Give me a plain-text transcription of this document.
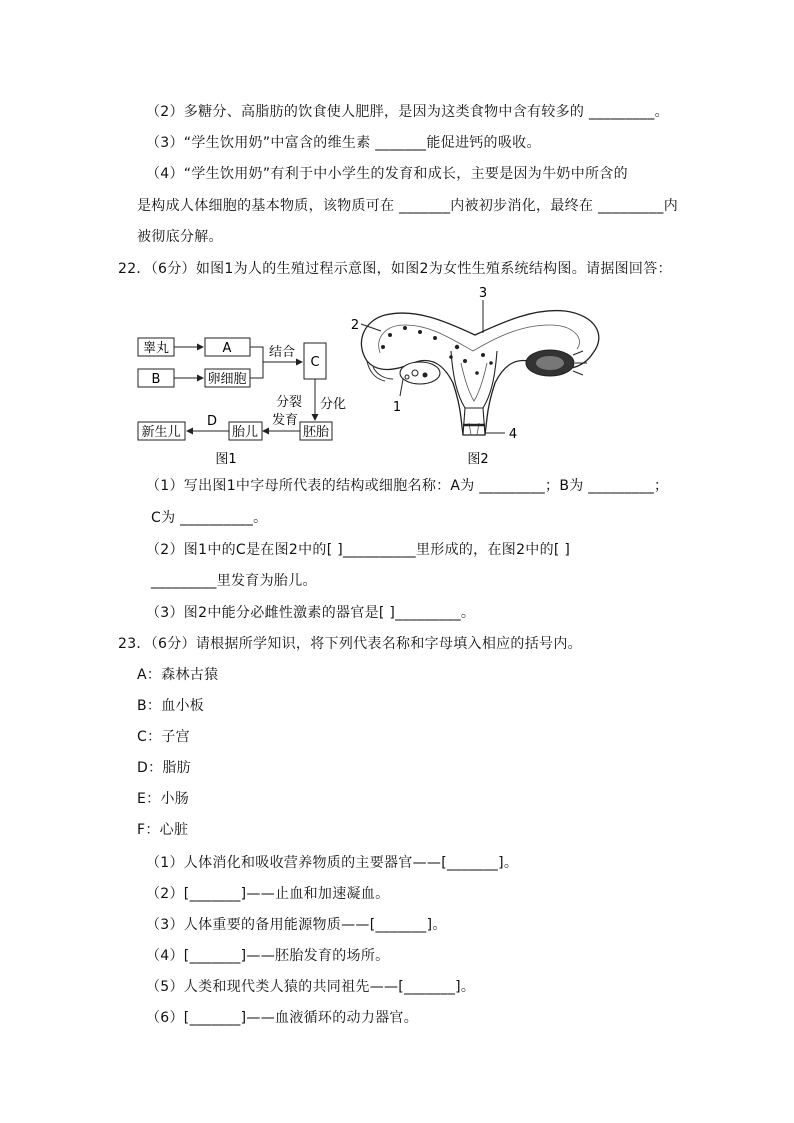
（2）多糖分、高脂肪的饮食使人肥胖，是因为这类食物中含有较多的 _________。
（3）“学生饮用奶”中富含的维生素 _______能促进钙的吸收。
（4）“学生饮用奶”有利于中小学生的发育和成长，主要是因为牛奶中所含的
是构成人体细胞的基本物质，该物质可在 _______内被初步消化，最终在 _________内
被彻底分解。
22．（6分）如图1为人的生殖过程示意图，如图2为女性生殖系统结构图。请据图回答：
睾丸	A
B	卵细胞
结合
C
分裂 分化
发育
胚胎
胎儿
D
新生儿
图1
1
2
3
4
图2
（1）写出图1中字母所代表的结构或细胞名称：A为 _________；B为 _________；
C为 __________。
（2）图1中的C是在图2中的[ ]__________里形成的，在图2中的[ ]
_________里发育为胎儿。
（3）图2中能分必雌性激素的器官是[ ]_________。
23．（6分）请根据所学知识，将下列代表名称和字母填入相应的括号内。
A：森林古猿
B：血小板
C：子宫
D：脂肪
E：小肠
F：心脏
（1）人体消化和吸收营养物质的主要器官——[_______]。
（2）[_______]——止血和加速凝血。
（3）人体重要的备用能源物质——[_______]。
（4）[_______]——胚胎发育的场所。
（5）人类和现代类人猿的共同祖先——[_______]。
（6）[_______]——血液循环的动力器官。
